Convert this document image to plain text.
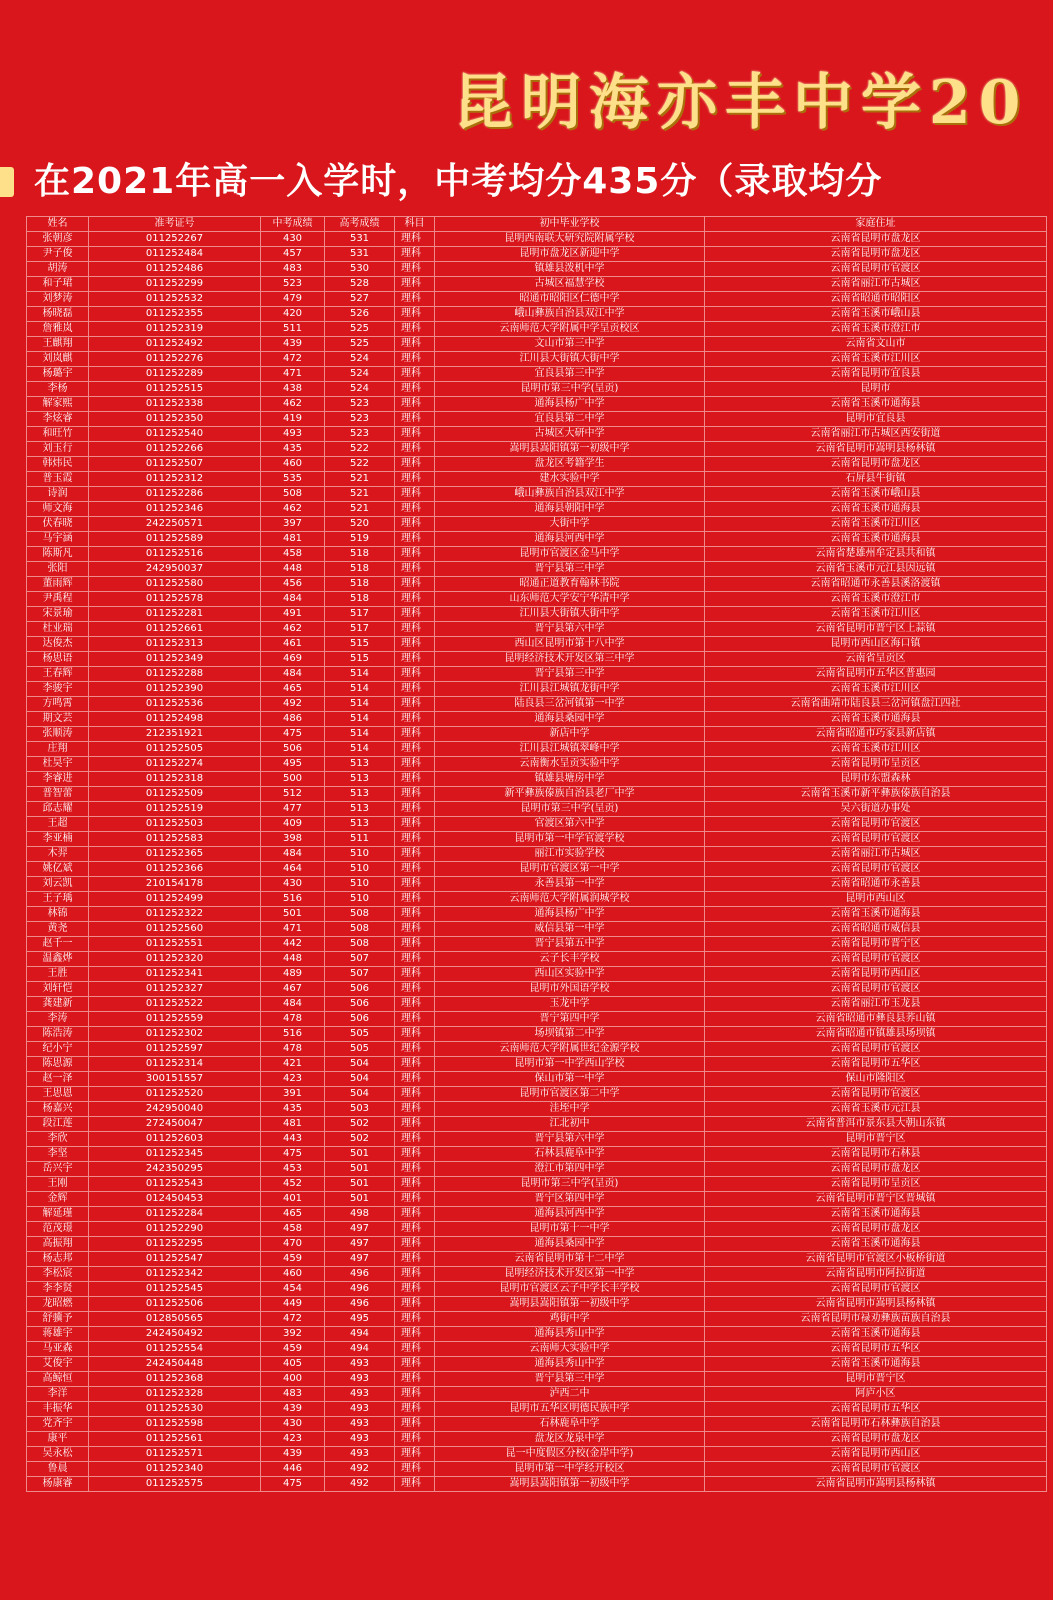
昆明海亦丰中学20
在2021年高一入学时，中考均分435分（录取均分
姓名	准考证号	中考成绩	高考成绩	科目	初中毕业学校	家庭住址
张朝彦	011252267	430	531	理科	昆明西南联大研究院附属学校	云南省昆明市盘龙区
尹子俊	011252484	457	531	理科	昆明市盘龙区新迎中学	云南省昆明市盘龙区
胡涛	011252486	483	530	理科	镇雄县泼机中学	云南省昆明市官渡区
和子珺	011252299	523	528	理科	古城区福慧学校	云南省丽江市古城区
刘梦涛	011252532	479	527	理科	昭通市昭阳区仁德中学	云南省昭通市昭阳区
杨晓磊	011252355	420	526	理科	峨山彝族自治县双江中学	云南省玉溪市峨山县
詹雅岚	011252319	511	525	理科	云南师范大学附属中学呈贡校区	云南省玉溪市澄江市
王麒翔	011252492	439	525	理科	文山市第三中学	云南省文山市
刘岚麒	011252276	472	524	理科	江川县大街镇大街中学	云南省玉溪市江川区
杨璐宇	011252289	471	524	理科	宜良县第三中学	云南省昆明市宜良县
李杨	011252515	438	524	理科	昆明市第三中学(呈贡)	昆明市
解家熙	011252338	462	523	理科	通海县杨广中学	云南省玉溪市通海县
李炫睿	011252350	419	523	理科	宜良县第二中学	昆明市宜良县
和旺竹	011252540	493	523	理科	古城区大研中学	云南省丽江市古城区西安街道
刘玉行	011252266	435	522	理科	嵩明县嵩阳镇第一初级中学	云南省昆明市嵩明县杨林镇
韩炜民	011252507	460	522	理科	盘龙区考籍学生	云南省昆明市盘龙区
普玉霞	011252312	535	521	理科	建水实验中学	石屏县牛街镇
诗润	011252286	508	521	理科	峨山彝族自治县双江中学	云南省玉溪市峨山县
师文海	011252346	462	521	理科	通海县朝阳中学	云南省玉溪市通海县
伏春晓	242250571	397	520	理科	大街中学	云南省玉溪市江川区
马宇涵	011252589	481	519	理科	通海县河西中学	云南省玉溪市通海县
陈斯凡	011252516	458	518	理科	昆明市官渡区金马中学	云南省楚雄州牟定县共和镇
张阳	242950037	448	518	理科	晋宁县第三中学	云南省玉溪市元江县因远镇
董雨辉	011252580	456	518	理科	昭通正道教育翰林书院	云南省昭通市永善县溪洛渡镇
尹禹程	011252578	484	518	理科	山东师范大学安宁华清中学	云南省玉溪市澄江市
宋景瑜	011252281	491	517	理科	江川县大街镇大街中学	云南省玉溪市江川区
杜业瑞	011252661	462	517	理科	晋宁县第六中学	云南省昆明市晋宁区上蒜镇
达俊杰	011252313	461	515	理科	西山区昆明市第十八中学	昆明市西山区海口镇
杨思语	011252349	469	515	理科	昆明经济技术开发区第三中学	云南省呈贡区
王春辉	011252288	484	514	理科	晋宁县第三中学	云南省昆明市五华区普惠园
李骏宇	011252390	465	514	理科	江川县江城镇龙街中学	云南省玉溪市江川区
方鸣霄	011252536	492	514	理科	陆良县三岔河镇第一中学	云南省曲靖市陆良县三岔河镇盘江四社
期文芸	011252498	486	514	理科	通海县桑园中学	云南省玉溪市通海县
张顺涛	212351921	475	514	理科	新店中学	云南省昭通市巧家县新店镇
庄翔	011252505	506	514	理科	江川县江城镇翠峰中学	云南省玉溪市江川区
杜昊宇	011252274	495	513	理科	云南衡水呈贡实验中学	云南省昆明市呈贡区
李睿进	011252318	500	513	理科	镇雄县塘房中学	昆明市东盟森林
普智蕾	011252509	512	513	理科	新平彝族傣族自治县老厂中学	云南省玉溪市新平彝族傣族自治县
邱志耀	011252519	477	513	理科	昆明市第三中学(呈贡)	吴六街道办事处
王超	011252503	409	513	理科	官渡区第六中学	云南省昆明市官渡区
李亚楠	011252583	398	511	理科	昆明市第一中学官渡学校	云南省昆明市官渡区
木羿	011252365	484	510	理科	丽江市实验学校	云南省丽江市古城区
姚亿斌	011252366	464	510	理科	昆明市官渡区第一中学	云南省昆明市官渡区
刘云凯	210154178	430	510	理科	永善县第一中学	云南省昭通市永善县
王子瑀	011252499	516	510	理科	云南师范大学附属润城学校	昆明市西山区
林锦	011252322	501	508	理科	通海县杨广中学	云南省玉溪市通海县
黄尧	011252560	471	508	理科	威信县第一中学	云南省昭通市威信县
赵千一	011252551	442	508	理科	晋宁县第五中学	云南省昆明市晋宁区
温鑫烨	011252320	448	507	理科	云子长丰学校	云南省昆明市官渡区
王胜	011252341	489	507	理科	西山区实验中学	云南省昆明市西山区
刘轩恺	011252327	467	506	理科	昆明市外国语学校	云南省昆明市官渡区
龚建新	011252522	484	506	理科	玉龙中学	云南省丽江市玉龙县
李涛	011252559	478	506	理科	晋宁第四中学	云南省昭通市彝良县荞山镇
陈浩涛	011252302	516	505	理科	场坝镇第二中学	云南省昭通市镇雄县场坝镇
纪小宁	011252597	478	505	理科	云南师范大学附属世纪金源学校	云南省昆明市官渡区
陈思源	011252314	421	504	理科	昆明市第一中学西山学校	云南省昆明市五华区
赵一泽	300151557	423	504	理科	保山市第一中学	保山市隆阳区
王思恩	011252520	391	504	理科	昆明市官渡区第二中学	云南省昆明市官渡区
杨嘉兴	242950040	435	503	理科	洼垤中学	云南省玉溪市元江县
段江莲	272450047	481	502	理科	江北初中	云南省普洱市景东县大朝山东镇
李欣	011252603	443	502	理科	晋宁县第六中学	昆明市晋宁区
李坚	011252345	475	501	理科	石林县鹿阜中学	云南省昆明市石林县
岳兴宇	242350295	453	501	理科	澄江市第四中学	云南省昆明市盘龙区
王刚	011252543	452	501	理科	昆明市第三中学(呈贡)	云南省昆明市呈贡区
金辉	012450453	401	501	理科	晋宁区第四中学	云南省昆明市晋宁区晋城镇
解延瑾	011252284	465	498	理科	通海县河西中学	云南省玉溪市通海县
范茂璟	011252290	458	497	理科	昆明市第十一中学	云南省昆明市盘龙区
高振翔	011252295	470	497	理科	通海县桑园中学	云南省玉溪市通海县
杨志邦	011252547	459	497	理科	云南省昆明市第十二中学	云南省昆明市官渡区小板桥街道
李松宸	011252342	460	496	理科	昆明经济技术开发区第一中学	云南省昆明市阿拉街道
李李贤	011252545	454	496	理科	昆明市官渡区云子中学长丰学校	云南省昆明市官渡区
龙昭燃	011252506	449	496	理科	嵩明县嵩阳镇第一初级中学	云南省昆明市嵩明县杨林镇
舒骥予	012850565	472	495	理科	鸡街中学	云南省昆明市禄劝彝族苗族自治县
蒋雄宇	242450492	392	494	理科	通海县秀山中学	云南省玉溪市通海县
马亚森	011252554	459	494	理科	云南师大实验中学	云南省昆明市五华区
艾俊宇	242450448	405	493	理科	通海县秀山中学	云南省玉溪市通海县
高鲸恒	011252368	400	493	理科	晋宁县第三中学	昆明市晋宁区
李洋	011252328	483	493	理科	泸西二中	阿庐小区
丰振华	011252530	439	493	理科	昆明市五华区明德民族中学	云南省昆明市五华区
党齐宇	011252598	430	493	理科	石林鹿阜中学	云南省昆明市石林彝族自治县
康平	011252561	423	493	理科	盘龙区龙泉中学	云南省昆明市盘龙区
吴永松	011252571	439	493	理科	昆一中度假区分校(金岸中学)	云南省昆明市西山区
鲁晨	011252340	446	492	理科	昆明市第一中学经开校区	云南省昆明市官渡区
杨康睿	011252575	475	492	理科	嵩明县嵩阳镇第一初级中学	云南省昆明市嵩明县杨林镇
